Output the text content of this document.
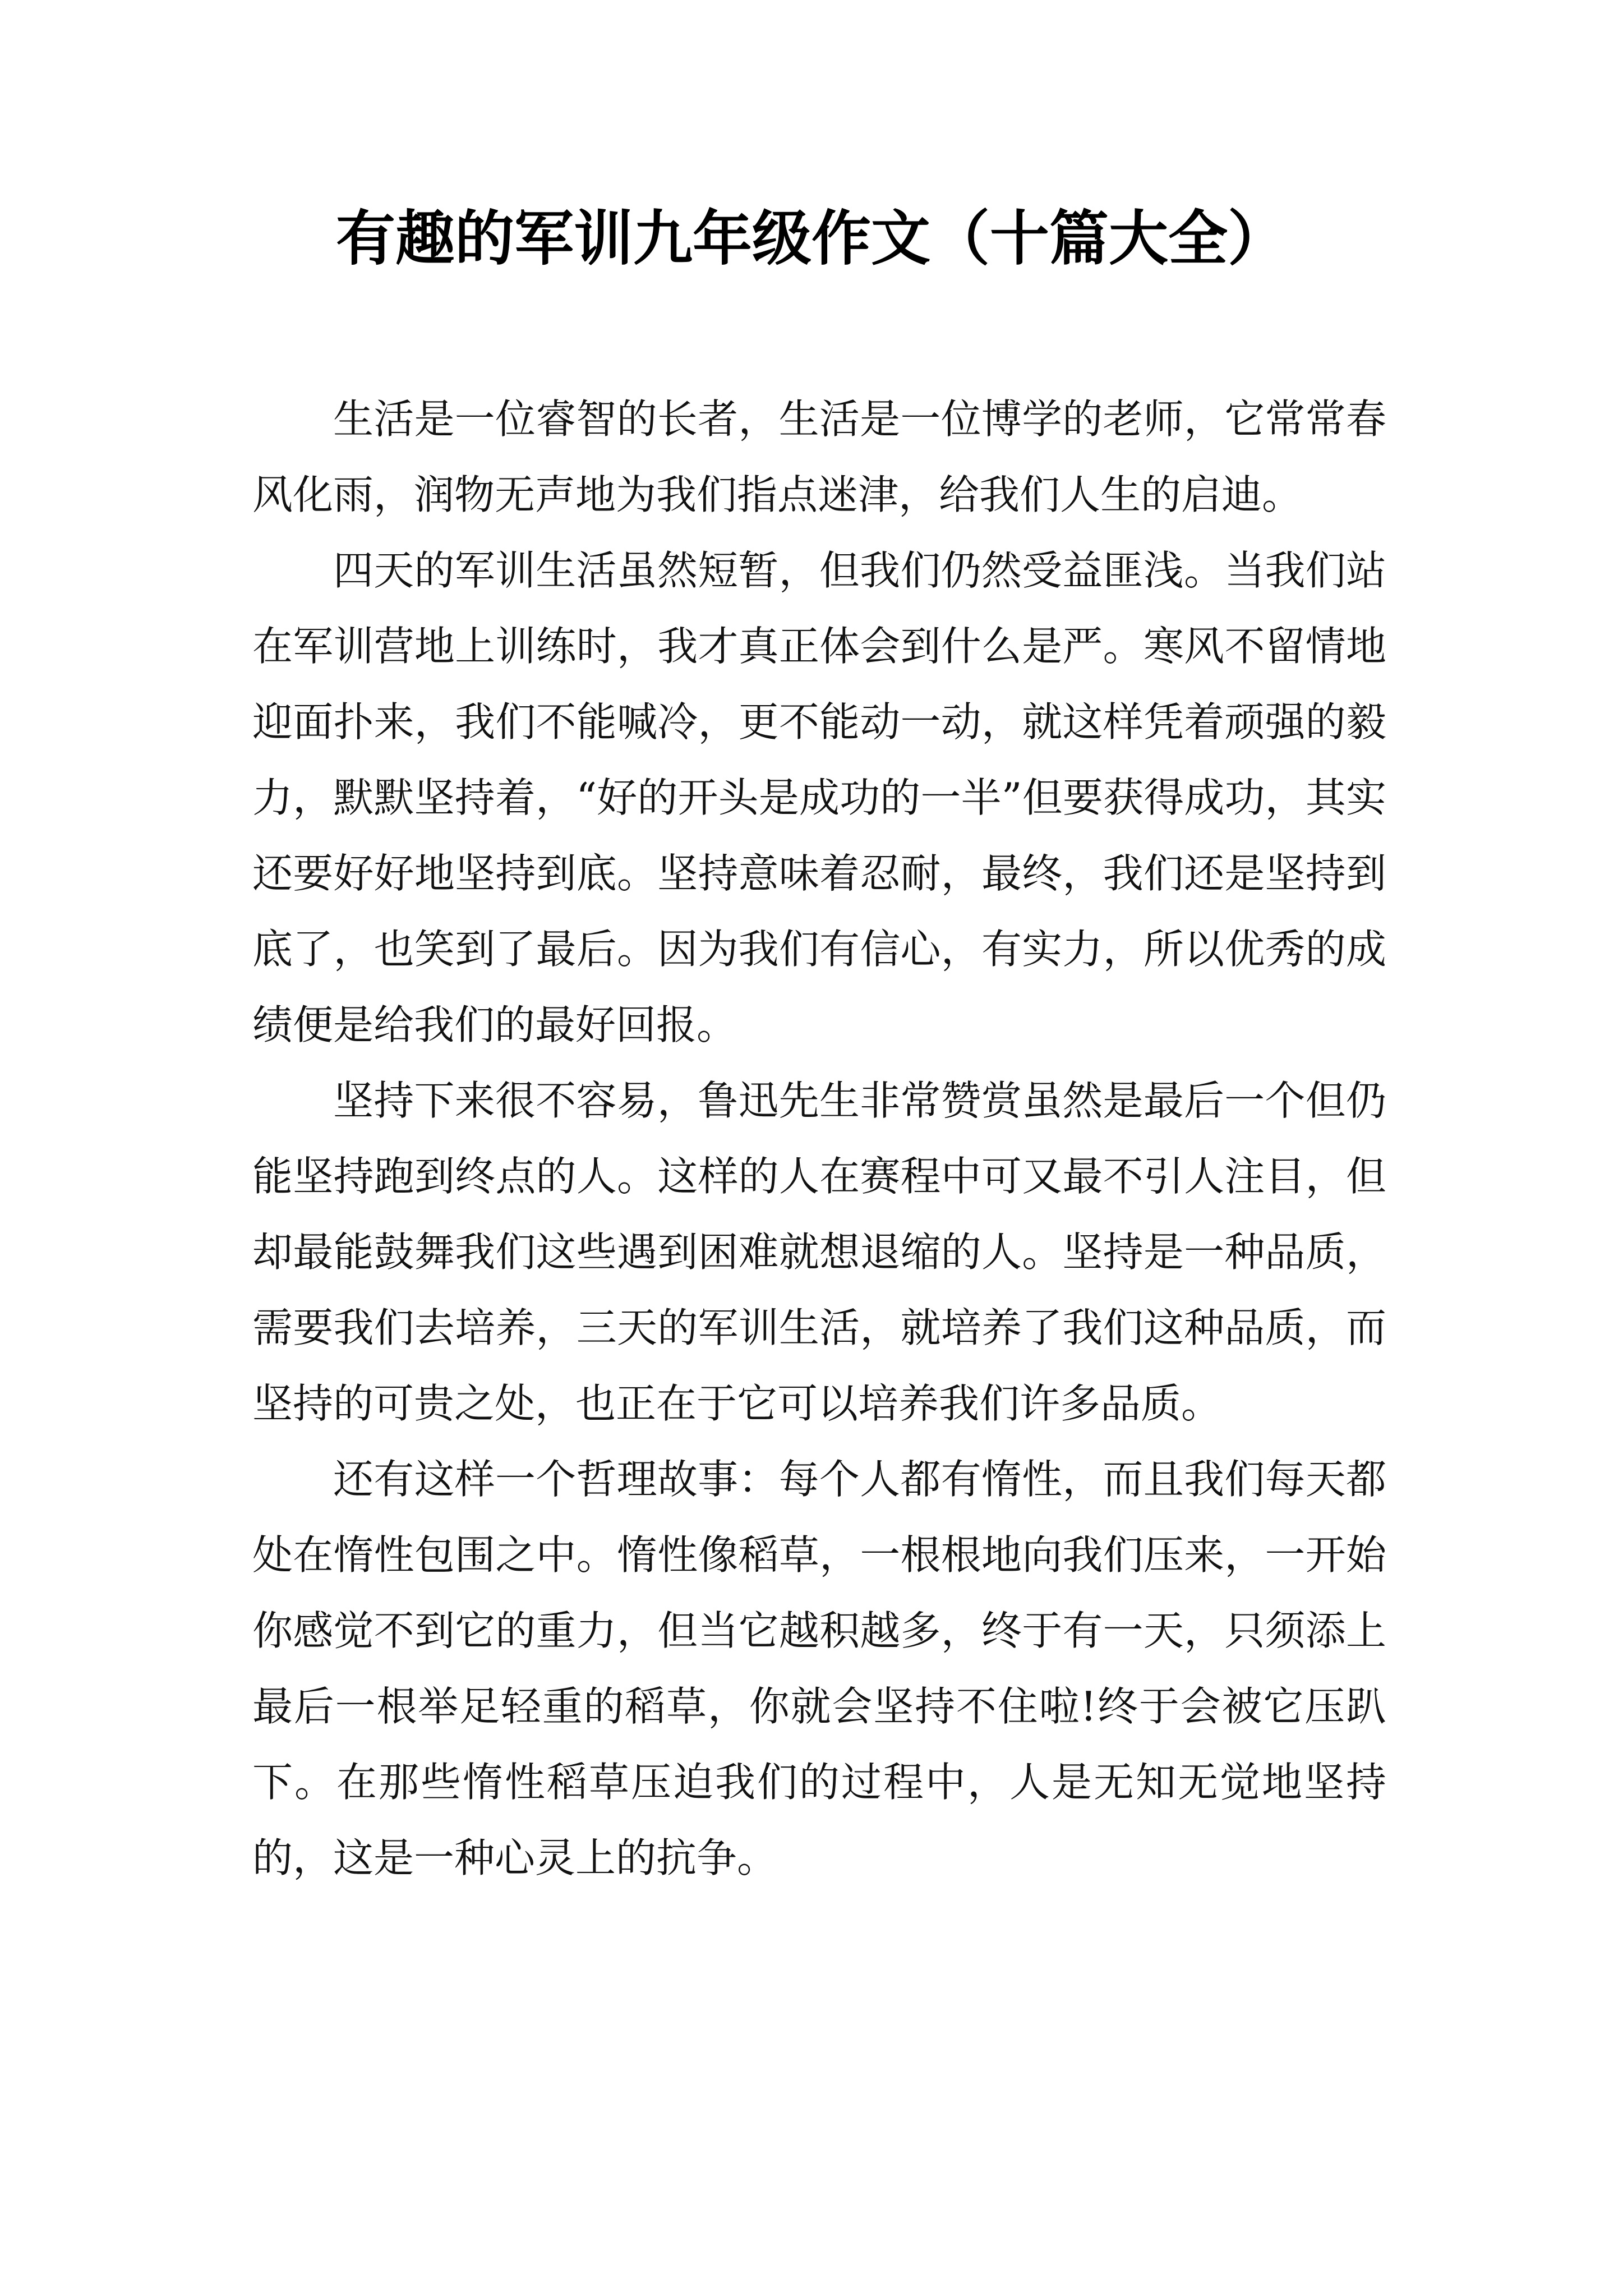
有趣的军训九年级作文（十篇大全）

生活是一位睿智的长者，生活是一位博学的老师，它常常春风化雨，润物无声地为我们指点迷津，给我们人生的启迪。

四天的军训生活虽然短暂，但我们仍然受益匪浅。当我们站在军训营地上训练时，我才真正体会到什么是严。寒风不留情地迎面扑来，我们不能喊冷，更不能动一动，就这样凭着顽强的毅力，默默坚持着，“好的开头是成功的一半”但要获得成功，其实还要好好地坚持到底。坚持意味着忍耐，最终，我们还是坚持到底了，也笑到了最后。因为我们有信心，有实力，所以优秀的成绩便是给我们的最好回报。

坚持下来很不容易，鲁迅先生非常赞赏虽然是最后一个但仍能坚持跑到终点的人。这样的人在赛程中可又最不引人注目，但却最能鼓舞我们这些遇到困难就想退缩的人。坚持是一种品质，需要我们去培养，三天的军训生活，就培养了我们这种品质，而坚持的可贵之处，也正在于它可以培养我们许多品质。

还有这样一个哲理故事：每个人都有惰性，而且我们每天都处在惰性包围之中。惰性像稻草，一根根地向我们压来，一开始你感觉不到它的重力，但当它越积越多，终于有一天，只须添上最后一根举足轻重的稻草，你就会坚持不住啦!终于会被它压趴下。在那些惰性稻草压迫我们的过程中，人是无知无觉地坚持的，这是一种心灵上的抗争。
